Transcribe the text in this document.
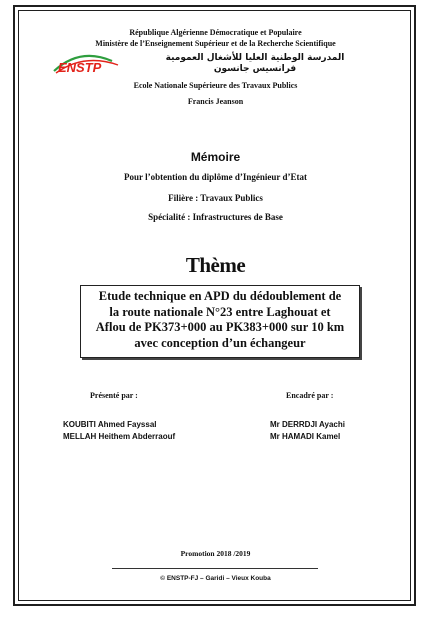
République Algérienne Démocratique et Populaire
Ministère de l’Enseignement Supérieur et de la Recherche Scientifique
ENSTP
المدرسة الوطنية العليا للأشغال العمومية
فرانسيس جانسون
Ecole Nationale Supérieure des Travaux Publics
Francis Jeanson
Mémoire
Pour l’obtention du diplôme d’Ingénieur d’Etat
Filière : Travaux Publics
Spécialité : Infrastructures de Base
Thème
Etude technique en APD du dédoublement de
la route nationale N°23 entre Laghouat et
Aflou de PK373+000 au PK383+000 sur 10 km
avec conception d’un échangeur
Présenté par :	Encadré par :
KOUBITI Ahmed Fayssal
MELLAH Heithem Abderraouf
Mr DERRDJI Ayachi
Mr HAMADI Kamel
Promotion 2018 /2019
© ENSTP-FJ – Garidi – Vieux Kouba
